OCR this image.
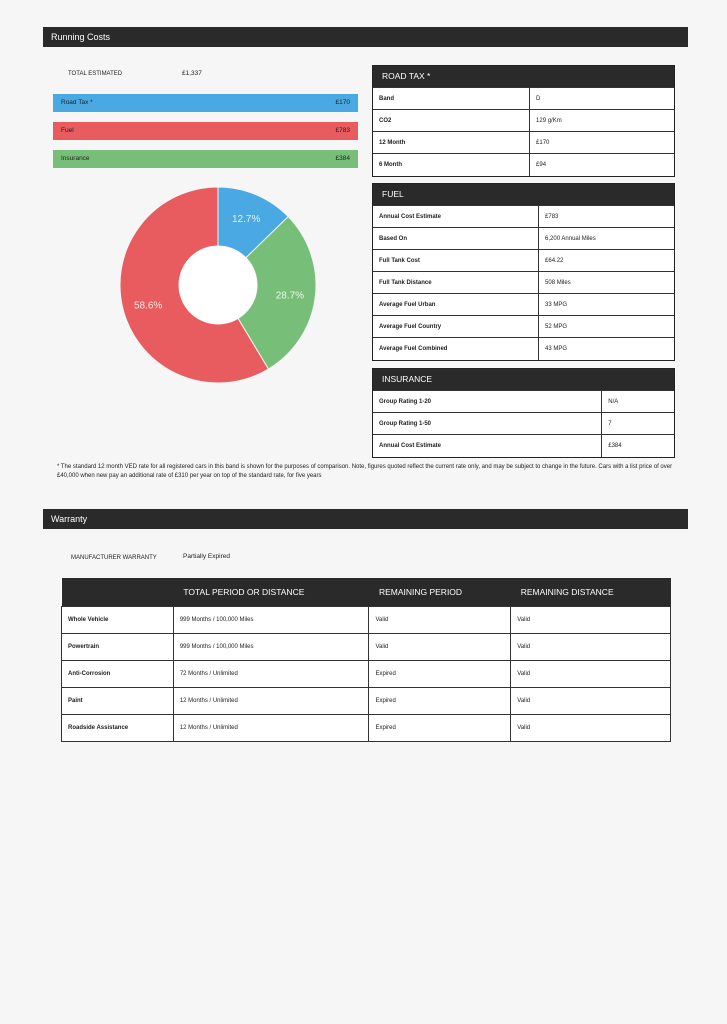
Running Costs
TOTAL ESTIMATED	£1,337
Road Tax *	£170
Fuel	£783
Insurance	£384
12.7%
28.7%
58.6%
ROAD TAX *
Band	D
CO2	129 g/Km
12 Month	£170
6 Month	£94
FUEL
Annual Cost Estimate	£783
Based On	6,200 Annual Miles
Full Tank Cost	£64.22
Full Tank Distance	508 Miles
Average Fuel Urban	33 MPG
Average Fuel Country	52 MPG
Average Fuel Combined	43 MPG
INSURANCE
Group Rating 1-20	N/A
Group Rating 1-50	7
Annual Cost Estimate	£384
* The standard 12 month VED rate for all registered cars in this band is shown for the purposes of comparison. Note, figures quoted reflect the current rate only, and may be subject to change in the future. Cars with a list price of over £40,000 when new pay an additional rate of £310 per year on top of the standard rate, for five years
Warranty
MANUFACTURER WARRANTY	Partially Expired
	TOTAL PERIOD OR DISTANCE	REMAINING PERIOD	REMAINING DISTANCE
Whole Vehicle	999 Months / 100,000 Miles	Valid	Valid
Powertrain	999 Months / 100,000 Miles	Valid	Valid
Anti-Corrosion	72 Months / Unlimited	Expired	Valid
Paint	12 Months / Unlimited	Expired	Valid
Roadside Assistance	12 Months / Unlimited	Expired	Valid
